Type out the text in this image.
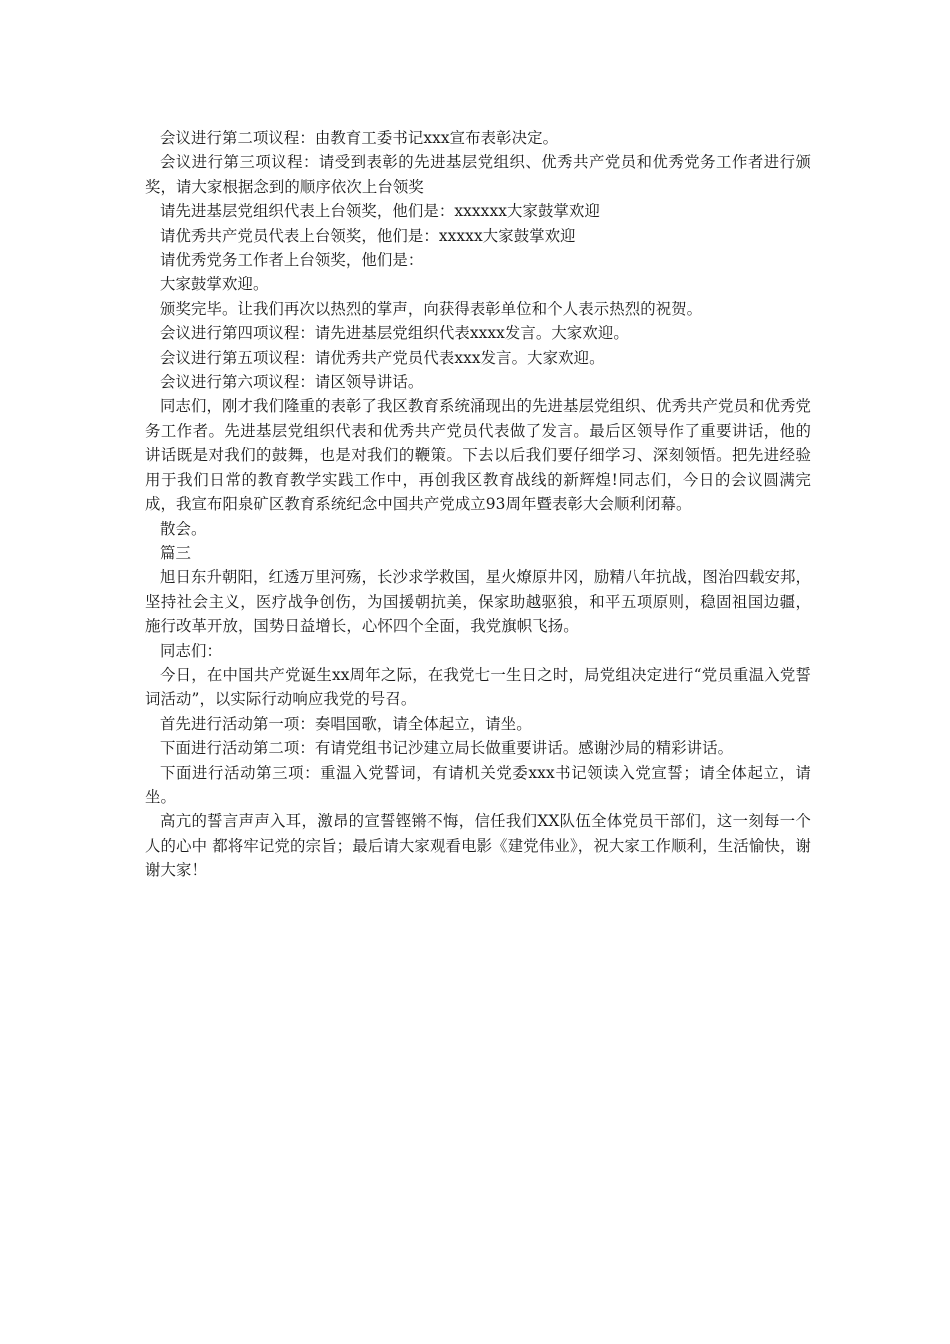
会议进行第二项议程：由教育工委书记xxx宣布表彰决定。

会议进行第三项议程：请受到表彰的先进基层党组织、优秀共产党员和优秀党务工作者进行颁奖，请大家根据念到的顺序依次上台领奖

请先进基层党组织代表上台领奖，他们是：xxxxxx大家鼓掌欢迎

请优秀共产党员代表上台领奖，他们是：xxxxx大家鼓掌欢迎

请优秀党务工作者上台领奖，他们是：

大家鼓掌欢迎。

颁奖完毕。让我们再次以热烈的掌声，向获得表彰单位和个人表示热烈的祝贺。

会议进行第四项议程：请先进基层党组织代表xxxx发言。大家欢迎。

会议进行第五项议程：请优秀共产党员代表xxx发言。大家欢迎。

会议进行第六项议程：请区领导讲话。

同志们，刚才我们隆重的表彰了我区教育系统涌现出的先进基层党组织、优秀共产党员和优秀党务工作者。先进基层党组织代表和优秀共产党员代表做了发言。最后区领导作了重要讲话，他的讲话既是对我们的鼓舞，也是对我们的鞭策。下去以后我们要仔细学习、深刻领悟。把先进经验用于我们日常的教育教学实践工作中，再创我区教育战线的新辉煌!同志们，今日的会议圆满完成，我宣布阳泉矿区教育系统纪念中国共产党成立93周年暨表彰大会顺利闭幕。

散会。

篇三

旭日东升朝阳，红透万里河殇，长沙求学救国，星火燎原井冈，励精八年抗战，图治四载安邦，坚持社会主义，医疗战争创伤，为国援朝抗美，保家助越驱狼，和平五项原则，稳固祖国边疆，施行改革开放，国势日益增长，心怀四个全面，我党旗帜飞扬。

同志们：

今日，在中国共产党诞生xx周年之际，在我党七一生日之时，局党组决定进行“党员重温入党誓词活动”，以实际行动响应我党的号召。

首先进行活动第一项：奏唱国歌，请全体起立，请坐。

下面进行活动第二项：有请党组书记沙建立局长做重要讲话。感谢沙局的精彩讲话。

下面进行活动第三项：重温入党誓词，有请机关党委xxx书记领读入党宣誓；请全体起立，请坐。

高亢的誓言声声入耳，激昂的宣誓铿锵不悔，信任我们XX队伍全体党员干部们，这一刻每一个人的心中 都将牢记党的宗旨；最后请大家观看电影《建党伟业》，祝大家工作顺利，生活愉快，谢谢大家！
